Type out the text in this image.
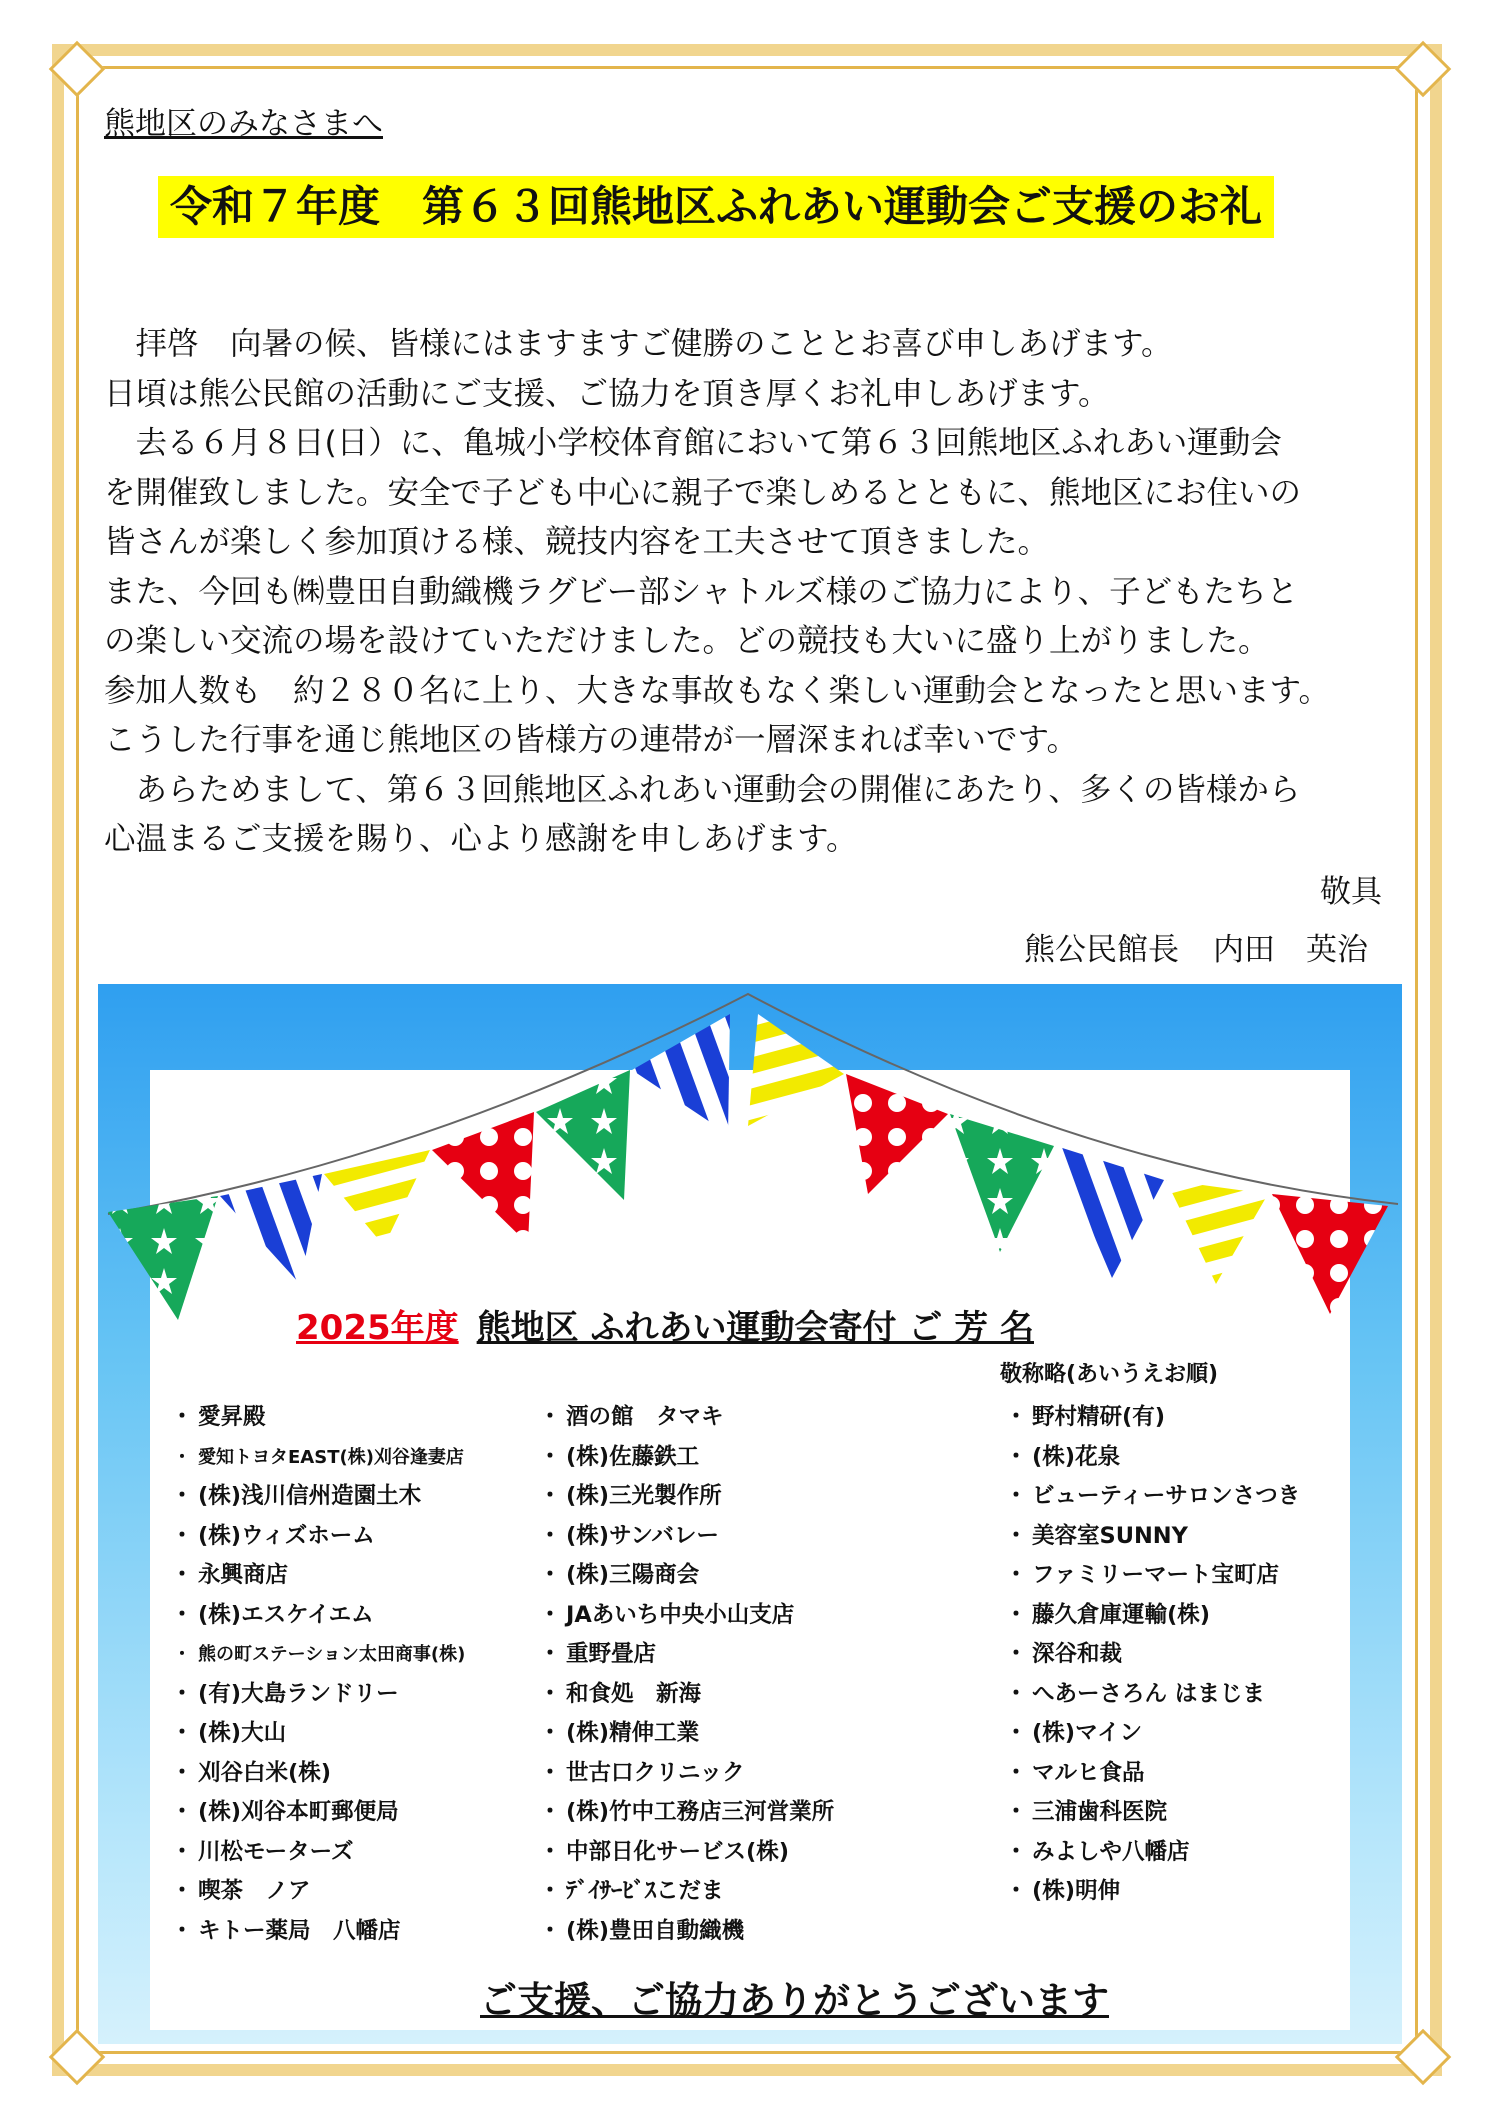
熊地区のみなさまへ
令和７年度　第６３回熊地区ふれあい運動会ご支援のお礼

　拝啓　向暑の候、皆様にはますますご健勝のこととお喜び申しあげます。

日頃は熊公民館の活動にご支援、ご協力を頂き厚くお礼申しあげます。

　去る６月８日(日）に、亀城小学校体育館において第６３回熊地区ふれあい運動会

を開催致しました。安全で子ども中心に親子で楽しめるとともに、熊地区にお住いの

皆さんが楽しく参加頂ける様、競技内容を工夫させて頂きました。

また、今回も㈱豊田自動織機ラグビー部シャトルズ様のご協力により、子どもたちと

の楽しい交流の場を設けていただけました。どの競技も大いに盛り上がりました。

参加人数も　約２８０名に上り、大きな事故もなく楽しい運動会となったと思います。

こうした行事を通じ熊地区の皆様方の連帯が一層深まれば幸いです。

　あらためまして、第６３回熊地区ふれあい運動会の開催にあたり、多くの皆様から

心温まるご支援を賜り、心より感謝を申しあげます。

敬具
熊公民館長 内田　英治
2025年度 熊地区 ふれあい運動会寄付 ご 芳 名
敬称略(あいうえお順)
・ 愛昇殿
・ 愛知トヨタEAST(株)刈谷逢妻店
・ (株)浅川信州造園土木
・ (株)ウィズホーム
・ 永興商店
・ (株)エスケイエム
・ 熊の町ステーション太田商事(株)
・ (有)大島ランドリー
・ (株)大山
・ 刈谷白米(株)
・ (株)刈谷本町郵便局
・ 川松モーターズ
・ 喫茶　ノア
・ キトー薬局　八幡店
・ 酒の館　タマキ
・ (株)佐藤鉄工
・ (株)三光製作所
・ (株)サンバレー
・ (株)三陽商会
・ JAあいち中央小山支店
・ 重野畳店
・ 和食処　新海
・ (株)精伸工業
・ 世古口クリニック
・ (株)竹中工務店三河営業所
・ 中部日化サービス(株)
・ ﾃﾞｲｻｰﾋﾞｽこだま
・ (株)豊田自動織機
・ 野村精研(有)
・ (株)花泉
・ ビューティーサロンさつき
・ 美容室SUNNY
・ ファミリーマート宝町店
・ 藤久倉庫運輸(株)
・ 深谷和裁
・ へあーさろん はまじま
・ (株)マイン
・ マルヒ食品
・ 三浦歯科医院
・ みよしや八幡店
・ (株)明伸
ご支援、ご協力ありがとうございます
